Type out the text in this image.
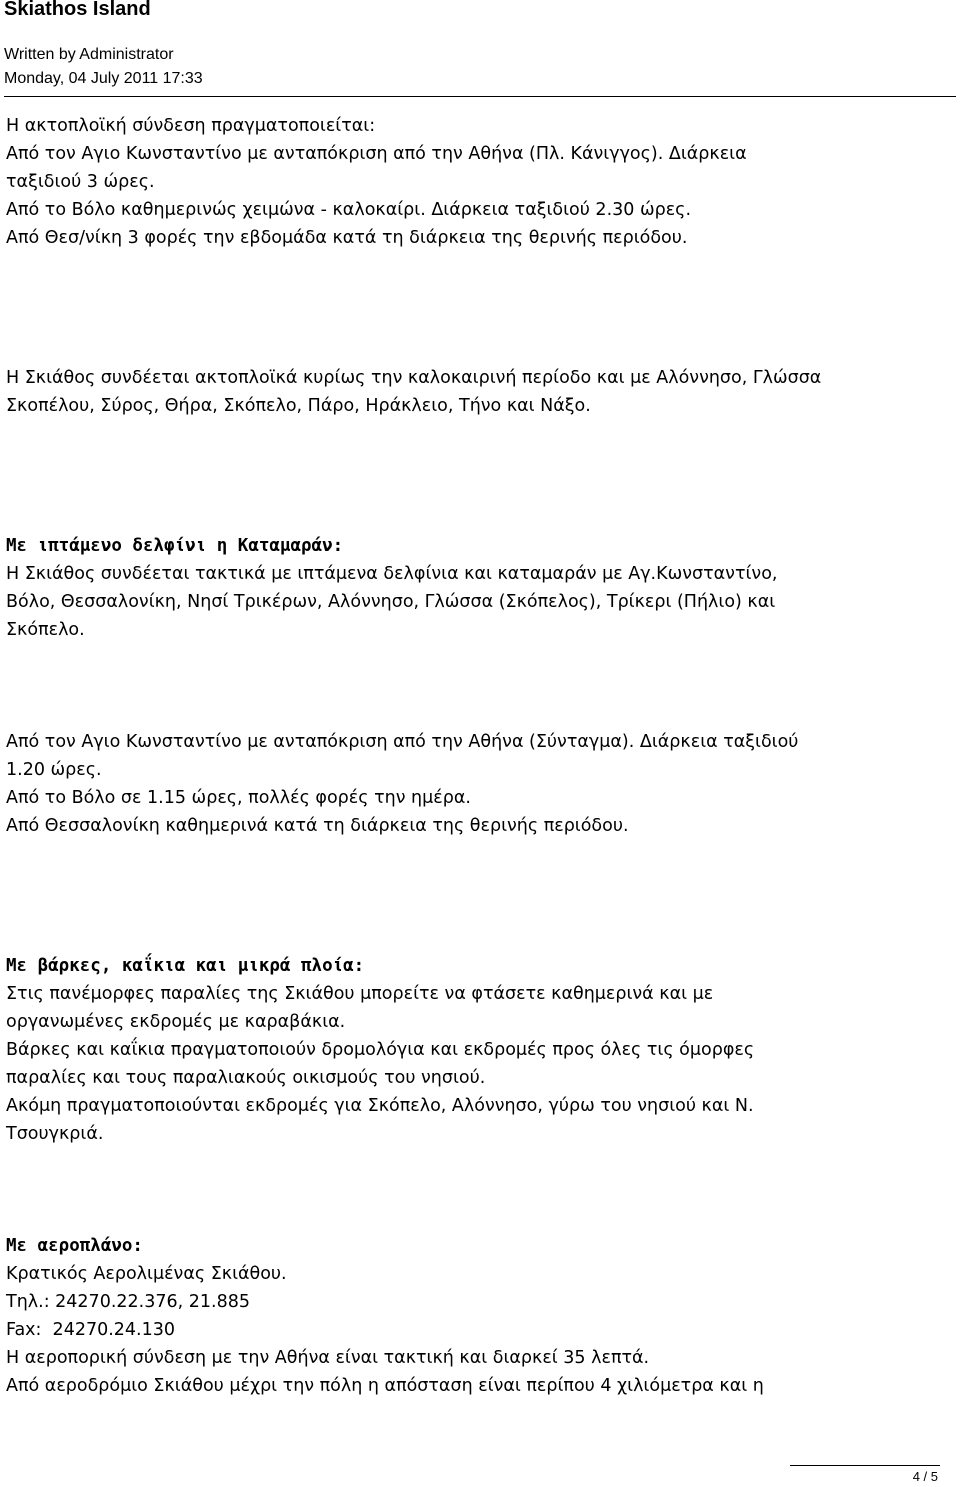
Skiathos Island
Written by Administrator
Monday, 04 July 2011 17:33
Η ακτοπλοϊκή σύνδεση πραγματοποιείται:
Από τον Αγιο Κωνσταντίνο με ανταπόκριση από την Αθήνα (Πλ. Κάνιγγος). Διάρκεια
ταξιδιού 3 ώρες.
Από το Βόλο καθημερινώς χειμώνα - καλοκαίρι. Διάρκεια ταξιδιού 2.30 ώρες.
Από Θεσ/νίκη 3 φορές την εβδομάδα κατά τη διάρκεια της θερινής περιόδου.
Η Σκιάθος συνδέεται ακτοπλοϊκά κυρίως την καλοκαιρινή περίοδο και με Αλόννησο, Γλώσσα
Σκοπέλου, Σύρος, Θήρα, Σκόπελο, Πάρο, Ηράκλειο, Τήνο και Νάξο.
Με ιπτάμενο δελφίνι η Καταμαράν:
Η Σκιάθος συνδέεται τακτικά με ιπτάμενα δελφίνια και καταμαράν με Αγ.Κωνσταντίνο,
Βόλο, Θεσσαλονίκη, Νησί Τρικέρων, Αλόννησο, Γλώσσα (Σκόπελος), Τρίκερι (Πήλιο) και
Σκόπελο.
Από τον Αγιο Κωνσταντίνο με ανταπόκριση από την Αθήνα (Σύνταγμα). Διάρκεια ταξιδιού
1.20 ώρες.
Από το Βόλο σε 1.15 ώρες, πολλές φορές την ημέρα.
Από Θεσσαλονίκη καθημερινά κατά τη διάρκεια της θερινής περιόδου.
Με βάρκες, καΐκια και μικρά πλοία:
Στις πανέμορφες παραλίες της Σκιάθου μπορείτε να φτάσετε καθημερινά και με
οργανωμένες εκδρομές με καραβάκια.
Βάρκες και καΐκια πραγματοποιούν δρομολόγια και εκδρομές προς όλες τις όμορφες
παραλίες και τους παραλιακούς οικισμούς του νησιού.
Ακόμη πραγματοποιούνται εκδρομές για Σκόπελο, Αλόννησο, γύρω του νησιού και Ν.
Τσουγκριά.
Με αεροπλάνο:
Κρατικός Αερολιμένας Σκιάθου.
Τηλ.: 24270.22.376, 21.885
Fax:  24270.24.130
Η αεροπορική σύνδεση με την Αθήνα είναι τακτική και διαρκεί 35 λεπτά.
Από αεροδρόμιο Σκιάθου μέχρι την πόλη η απόσταση είναι περίπου 4 χιλιόμετρα και η
4 / 5
